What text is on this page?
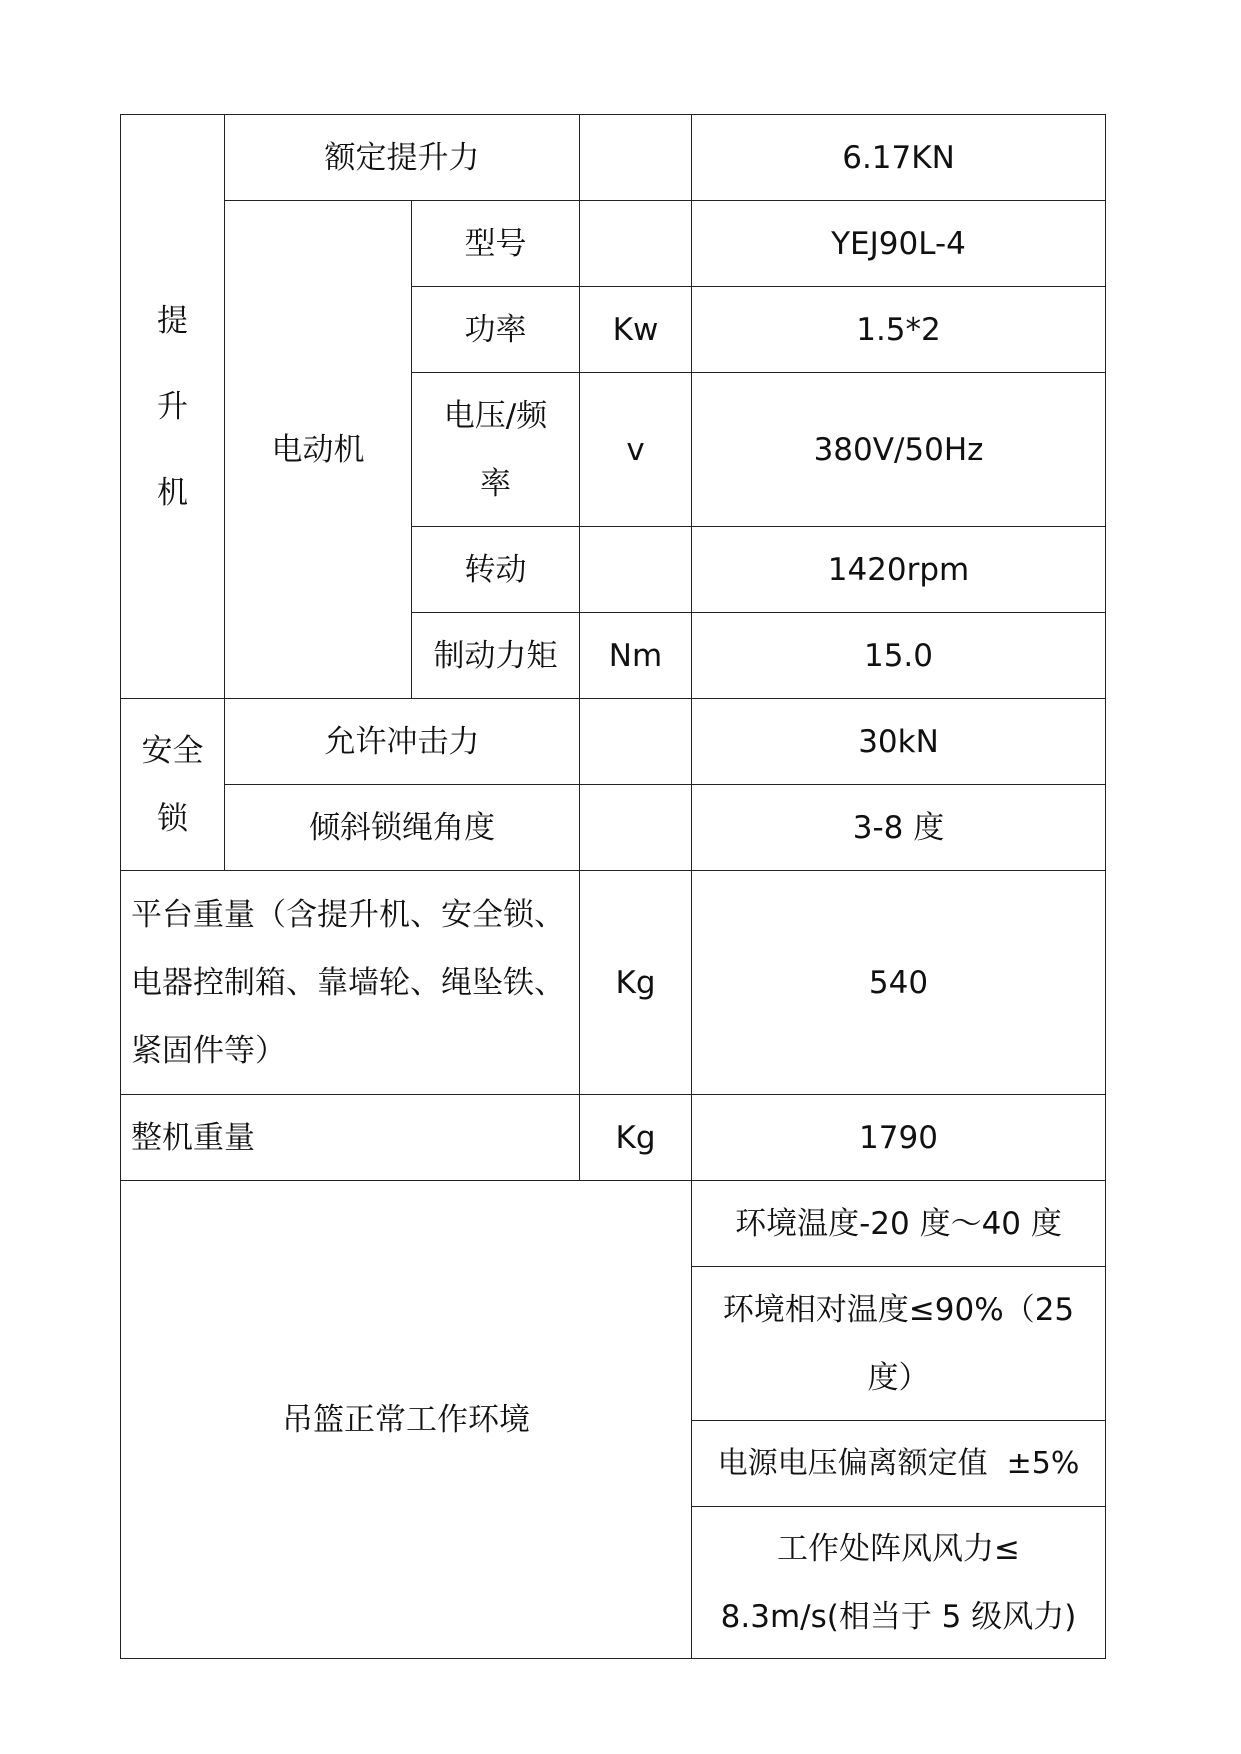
提
升
机	额定提升力			6.17KN
	电动机	型号		YEJ90L-4
		功率	Kw	1.5*2

		电压/频
率	v	380V/50Hz
		转动		1420rpm
		制动力矩	Nm	15.0

安全
锁	允许冲击力			30kN
	倾斜锁绳角度			3-8 度

平台重量（含提升机、安全锁、
电器控制箱、靠墙轮、绳坠铁、
紧固件等）			Kg	540
整机重量			Kg	1790
吊篮正常工作环境				环境温度-20 度～40 度

				环境相对温度≤90%（25
度）

				电源电压偏离额定值  ±5%

				工作处阵风风力≤
8.3m/s(相当于 5 级风力)
